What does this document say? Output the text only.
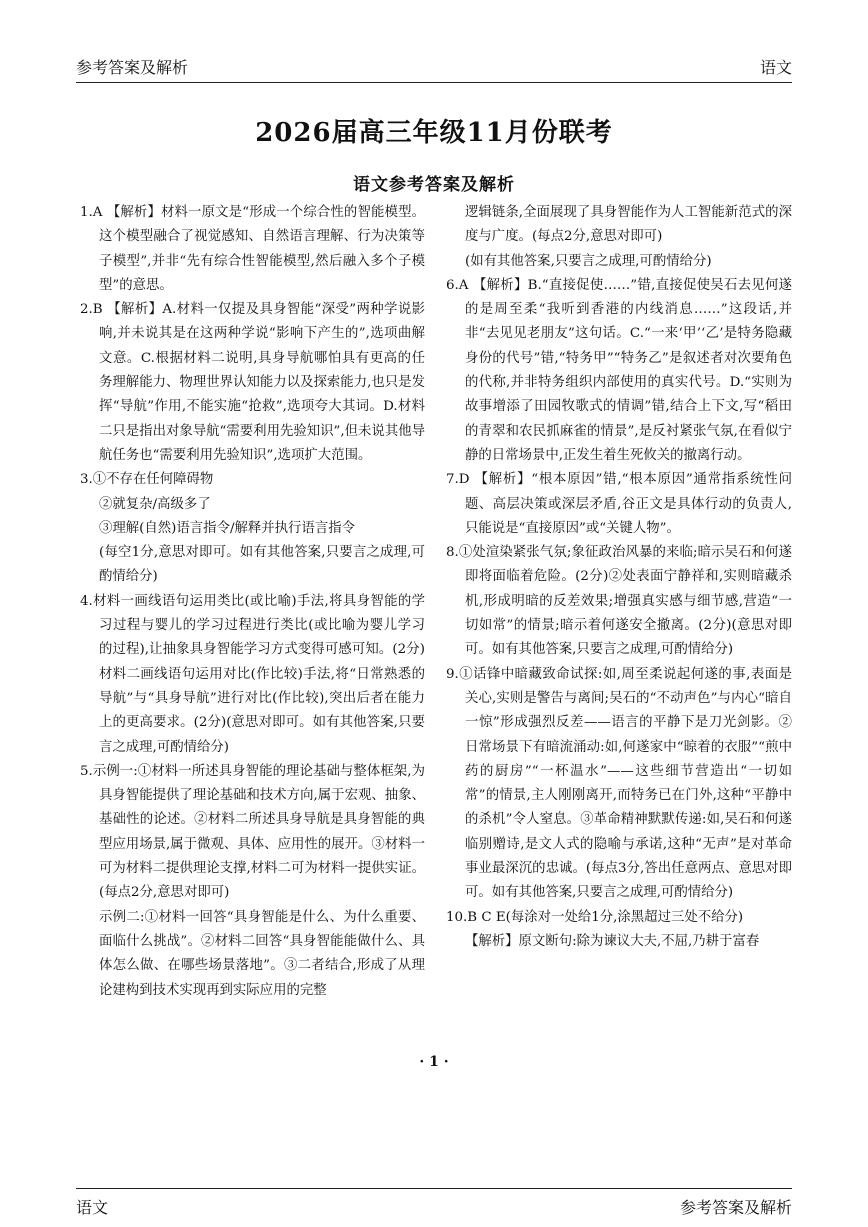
参考答案及解析	语文
2026届高三年级11月份联考
语文参考答案及解析

1.A 【解析】材料一原文是“形成一个综合性的智能模型。这个模型融合了视觉感知、自然语言理解、行为决策等子模型”,并非“先有综合性智能模型,然后融入多个子模型”的意思。

2.B 【解析】A.材料一仅提及具身智能“深受”两种学说影响,并未说其是在这两种学说“影响下产生的”,选项曲解文意。C.根据材料二说明,具身导航哪怕具有更高的任务理解能力、物理世界认知能力以及探索能力,也只是发挥“导航”作用,不能实施“抢救”,选项夸大其词。D.材料二只是指出对象导航“需要利用先验知识”,但未说其他导航任务也“需要利用先验知识”,选项扩大范围。

3.①不存在任何障碍物

②就复杂/高级多了

③理解(自然)语言指令/解释并执行语言指令

(每空1分,意思对即可。如有其他答案,只要言之成理,可酌情给分)

4.材料一画线语句运用类比(或比喻)手法,将具身智能的学习过程与婴儿的学习过程进行类比(或比喻为婴儿学习的过程),让抽象具身智能学习方式变得可感可知。(2分)材料二画线语句运用对比(作比较)手法,将“日常熟悉的导航”与“具身导航”进行对比(作比较),突出后者在能力上的更高要求。(2分)(意思对即可。如有其他答案,只要言之成理,可酌情给分)

5.示例一:①材料一所述具身智能的理论基础与整体框架,为具身智能提供了理论基础和技术方向,属于宏观、抽象、基础性的论述。②材料二所述具身导航是具身智能的典型应用场景,属于微观、具体、应用性的展开。③材料一可为材料二提供理论支撑,材料二可为材料一提供实证。(每点2分,意思对即可)

示例二:①材料一回答“具身智能是什么、为什么重要、面临什么挑战”。②材料二回答“具身智能能做什么、具体怎么做、在哪些场景落地”。③二者结合,形成了从理论建构到技术实现再到实际应用的完整

逻辑链条,全面展现了具身智能作为人工智能新范式的深度与广度。(每点2分,意思对即可)

(如有其他答案,只要言之成理,可酌情给分)

6.A 【解析】B.“直接促使……”错,直接促使吴石去见何遂的是周至柔“我听到香港的内线消息……”这段话,并非“去见见老朋友”这句话。C.“一来‘甲’‘乙’是特务隐藏身份的代号”错,“特务甲”“特务乙”是叙述者对次要角色的代称,并非特务组织内部使用的真实代号。D.“实则为故事增添了田园牧歌式的情调”错,结合上下文,写“稻田的青翠和农民抓麻雀的情景”,是反衬紧张气氛,在看似宁静的日常场景中,正发生着生死攸关的撤离行动。

7.D 【解析】“根本原因”错,“根本原因”通常指系统性问题、高层决策或深层矛盾,谷正文是具体行动的负责人,只能说是“直接原因”或“关键人物”。

8.①处渲染紧张气氛;象征政治风暴的来临;暗示吴石和何遂即将面临着危险。(2分)②处表面宁静祥和,实则暗藏杀机,形成明暗的反差效果;增强真实感与细节感,营造“一切如常”的情景;暗示着何遂安全撤离。(2分)(意思对即可。如有其他答案,只要言之成理,可酌情给分)

9.①话锋中暗藏致命试探:如,周至柔说起何遂的事,表面是关心,实则是警告与离间;吴石的“不动声色”与内心“暗自一惊”形成强烈反差——语言的平静下是刀光剑影。②日常场景下有暗流涌动:如,何遂家中“晾着的衣服”“煎中药的厨房”“一杯温水”——这些细节营造出“一切如常”的情景,主人刚刚离开,而特务已在门外,这种“平静中的杀机”令人窒息。③革命精神默默传递:如,吴石和何遂临别赠诗,是文人式的隐喻与承诺,这种“无声”是对革命事业最深沉的忠诚。(每点3分,答出任意两点、意思对即可。如有其他答案,只要言之成理,可酌情给分)

10.B C E(每涂对一处给1分,涂黑超过三处不给分)

【解析】原文断句:除为谏议大夫,不屈,乃耕于富春

· 1 ·
语文	参考答案及解析
